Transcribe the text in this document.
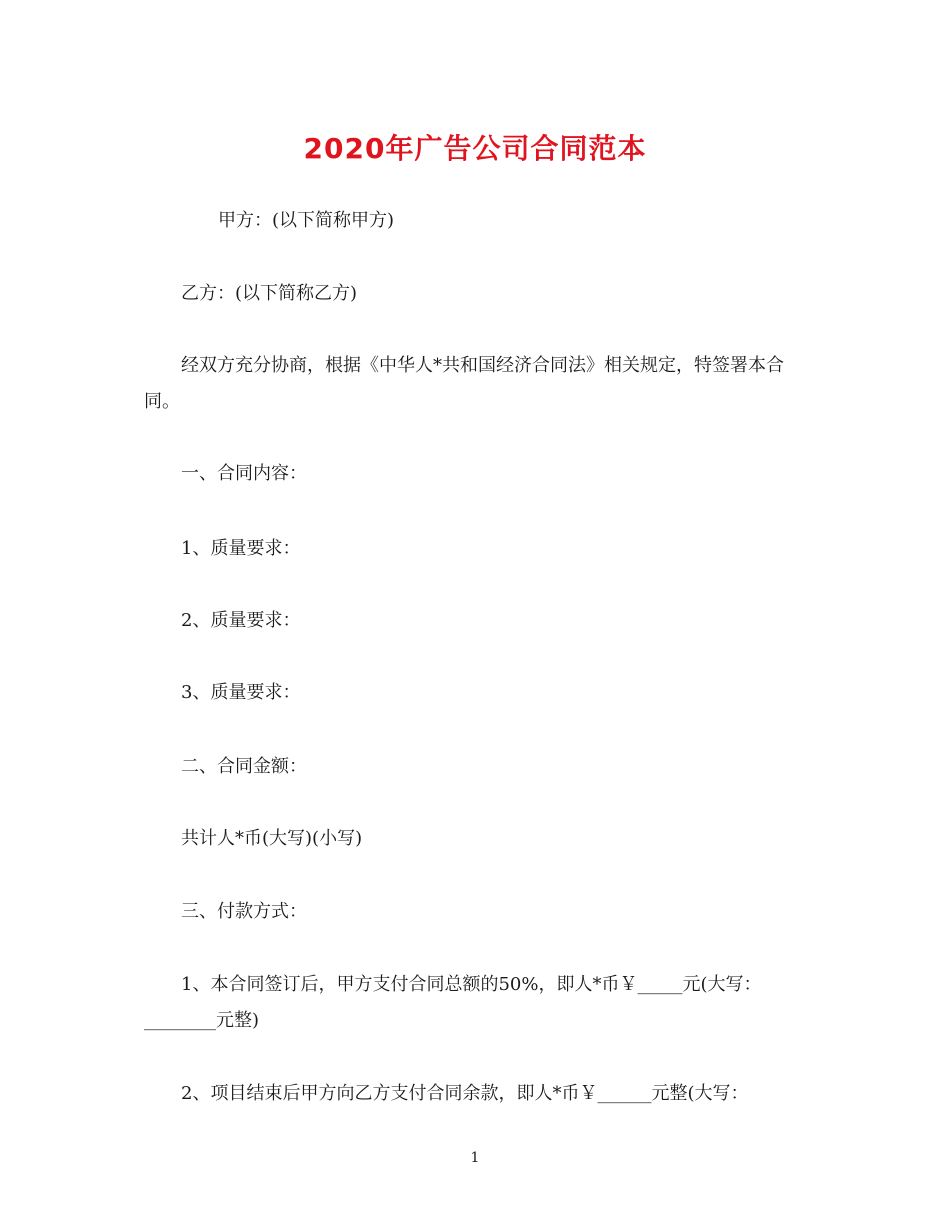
2020年广告公司合同范本

甲方：(以下简称甲方)

乙方：(以下简称乙方)

经双方充分协商，根据《中华人*共和国经济合同法》相关规定，特签署本合同。

一、合同内容：

1、质量要求：

2、质量要求：

3、质量要求：

二、合同金额：

共计人*币(大写)(小写)

三、付款方式：

1、本合同签订后，甲方支付合同总额的50%，即人*币￥_____元(大写：________元整)

2、项目结束后甲方向乙方支付合同余款，即人*币￥______元整(大写：

1
